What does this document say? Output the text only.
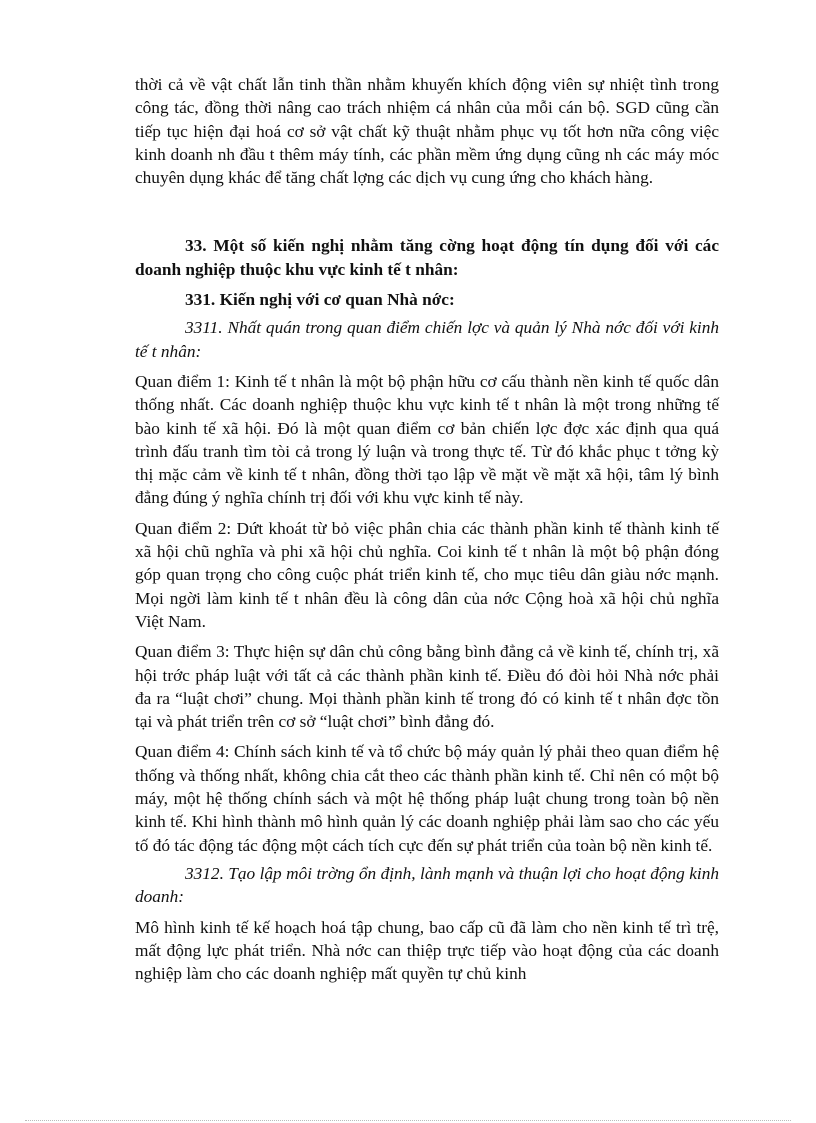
thời cả về vật chất lẫn tinh thần nhằm khuyến khích động viên sự nhiệt tình trong công tác, đồng thời nâng cao trách nhiệm cá nhân của mỗi cán bộ. SGD cũng cần tiếp tục hiện đại hoá cơ sở vật chất kỹ thuật nhằm phục vụ tốt hơn nữa công việc kinh doanh nh đầu t thêm máy tính, các phần mềm ứng dụng cũng nh các máy móc chuyên dụng khác để tăng chất lợng các dịch vụ cung ứng cho khách hàng.

33. Một số kiến nghị nhằm tăng cờng hoạt động tín dụng đối với các doanh nghiệp thuộc khu vực kinh tế t nhân:

331. Kiến nghị với cơ quan Nhà nớc:

3311. Nhất quán trong quan điểm chiến lợc và quản lý Nhà nớc đối với kinh tế t nhân:

Quan điểm 1: Kinh tế t nhân là một bộ phận hữu cơ cấu thành nền kinh tế quốc dân thống nhất. Các doanh nghiệp thuộc khu vực kinh tế t nhân là một trong những tế bào kinh tế xã hội. Đó là một quan điểm cơ bản chiến lợc đợc xác định qua quá trình đấu tranh tìm tòi cả trong lý luận và trong thực tế. Từ đó khắc phục t tởng kỳ thị mặc cảm về kinh tế t nhân, đồng thời tạo lập về mặt về mặt xã hội, tâm lý bình đẳng đúng ý nghĩa chính trị đối với khu vực kinh tế này.

Quan điểm 2: Dứt khoát từ bỏ việc phân chia các thành phần kinh tế thành kinh tế xã hội chũ nghĩa và phi xã hội chủ nghĩa. Coi kinh tế t nhân là một bộ phận đóng góp quan trọng cho công cuộc phát triển kinh tế, cho mục tiêu dân giàu nớc mạnh. Mọi ngời làm kinh tế t nhân đều là công dân của nớc Cộng hoà xã hội chủ nghĩa Việt Nam.

Quan điểm 3: Thực hiện sự dân chủ công bằng bình đẳng cả về kinh tế, chính trị, xã hội trớc pháp luật với tất cả các thành phần kinh tế. Điều đó đòi hỏi Nhà nớc phải đa ra “luật chơi” chung. Mọi thành phần kinh tế trong đó có kinh tế t nhân đợc tồn tại và phát triển trên cơ sở “luật chơi” bình đẳng đó.

Quan điểm 4: Chính sách kinh tế và tổ chức bộ máy quản lý phải theo quan điểm hệ thống và thống nhất, không chia cắt theo các thành phần kinh tế. Chỉ nên có một bộ máy, một hệ thống chính sách và một hệ thống pháp luật chung trong toàn bộ nền kinh tế. Khi hình thành mô hình quản lý các doanh nghiệp phải làm sao cho các yếu tố đó tác động tác động một cách tích cực đến sự phát triển của toàn bộ nền kinh tế.

3312. Tạo lập môi trờng ổn định, lành mạnh và thuận lợi cho hoạt động kinh doanh:

Mô hình kinh tế kế hoạch hoá tập chung, bao cấp cũ đã làm cho nền kinh tế trì trệ, mất động lực phát triển. Nhà nớc can thiệp trực tiếp vào hoạt động của các doanh nghiệp làm cho các doanh nghiệp mất quyền tự chủ kinh
